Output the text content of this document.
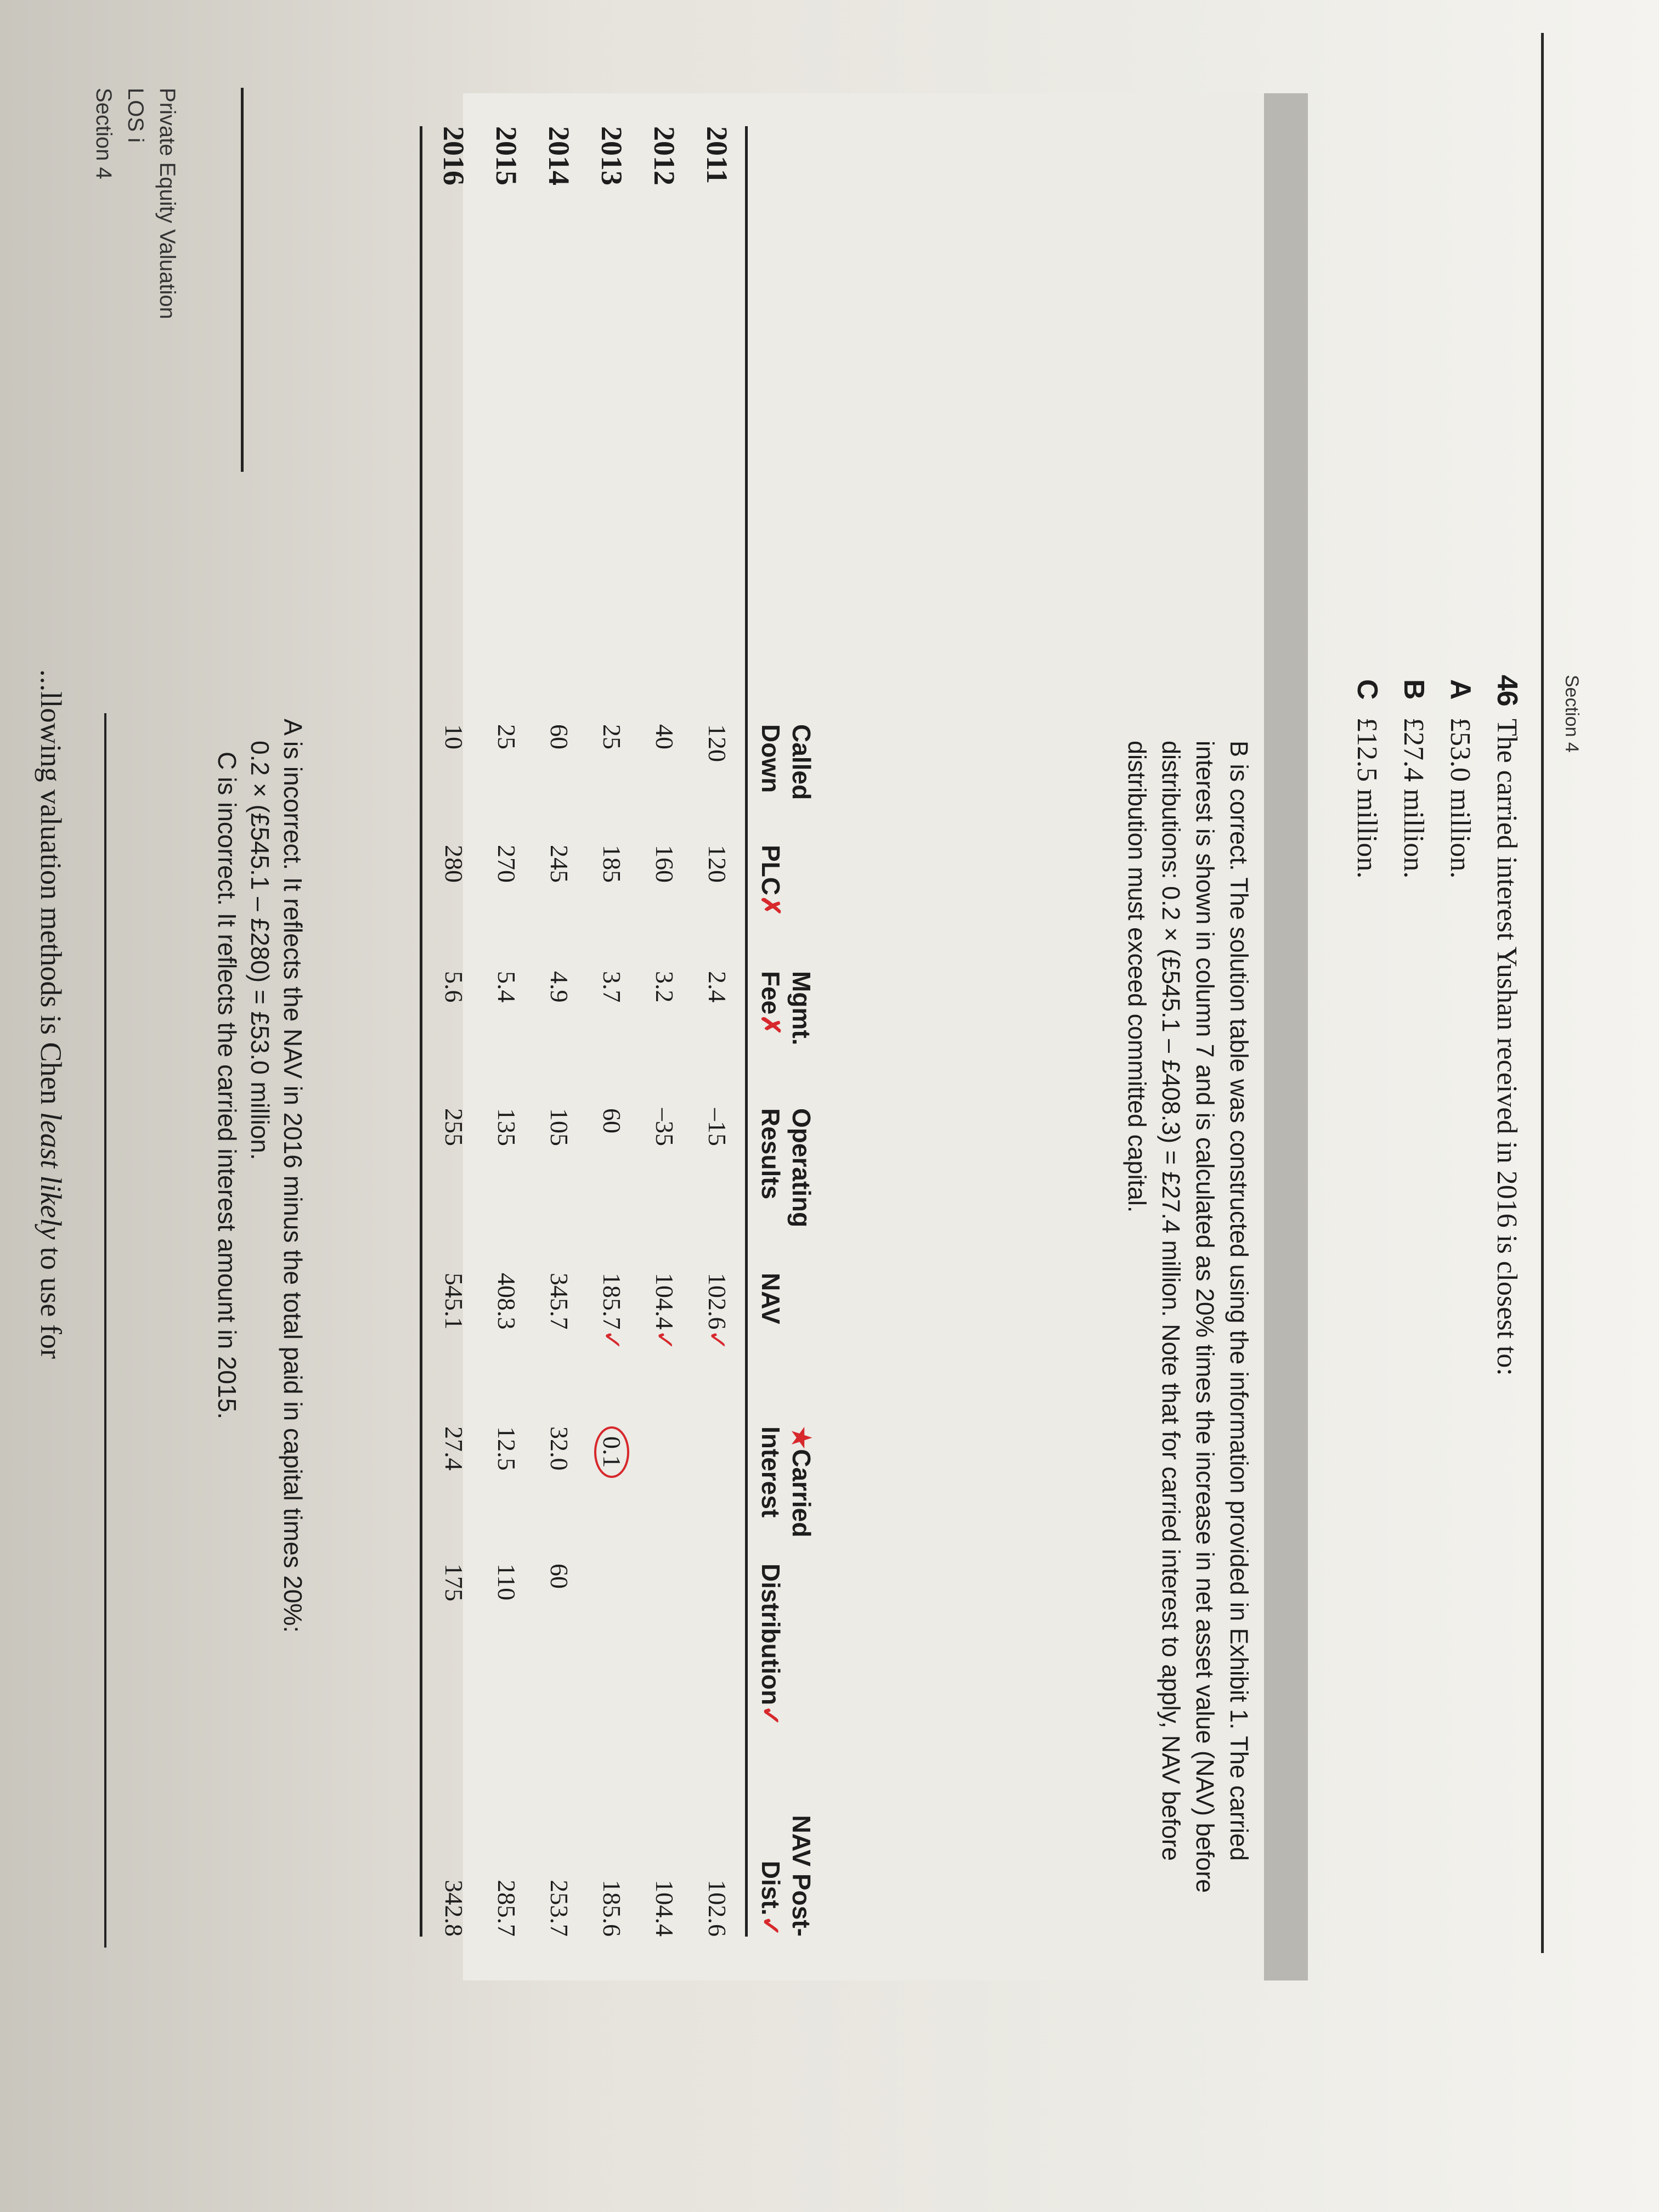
Section 4
46The carried interest Yushan received in 2016 is closest to:
A£53.0 million.
B£27.4 million.
C£12.5 million.
B is correct. The solution table was constructed using the information provided in Exhibit 1. The carried interest is shown in column 7 and is calculated as 20% times the increase in net asset value (NAV) before distributions: 0.2 × (£545.1 – £408.3) = £27.4 million. Note that for carried interest to apply, NAV before distribution must exceed committed capital.
	Called Down	PLC✗	Mgmt. Fee✗	Operating Results	NAV	★Carried Interest	Distribution✓	NAV Post-Dist.✓
2011	120	120	2.4	–15	102.6✓			102.6
2012	40	160	3.2	–35	104.4✓			104.4
2013	25	185	3.7	60	185.7✓	0.1		185.6
2014	60	245	4.9	105	345.7	32.0	60	253.7
2015	25	270	5.4	135	408.3	12.5	110	285.7
2016	10	280	5.6	255	545.1	27.4	175	342.8
A is incorrect. It reflects the NAV in 2016 minus the total paid in capital times 20%:
0.2 × (£545.1 – £280) = £53.0 million.
C is incorrect. It reflects the carried interest amount in 2015.
...llowing valuation methods is Chen least likely to use for
Private Equity Valuation
LOS i
Section 4
